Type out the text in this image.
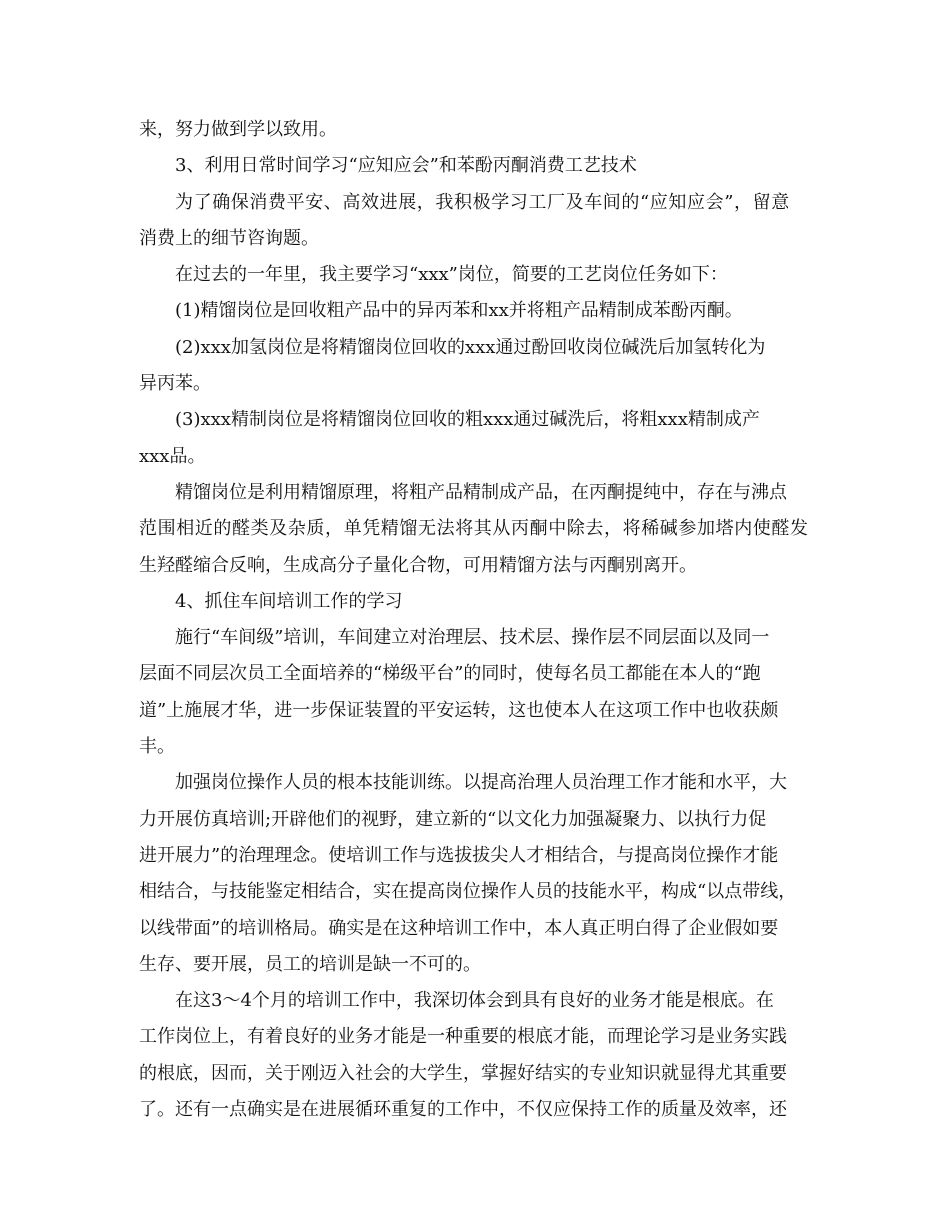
来，努力做到学以致用。
3、利用日常时间学习“应知应会”和苯酚丙酮消费工艺技术
为了确保消费平安、高效进展，我积极学习工厂及车间的“应知应会”，留意
消费上的细节咨询题。
在过去的一年里，我主要学习“xxx”岗位，简要的工艺岗位任务如下：
(1)精馏岗位是回收粗产品中的异丙苯和xx并将粗产品精制成苯酚丙酮。
(2)xxx加氢岗位是将精馏岗位回收的xxx通过酚回收岗位碱洗后加氢转化为
异丙苯。
(3)xxx精制岗位是将精馏岗位回收的粗xxx通过碱洗后，将粗xxx精制成产
xxx品。
精馏岗位是利用精馏原理，将粗产品精制成产品，在丙酮提纯中，存在与沸点
范围相近的醛类及杂质，单凭精馏无法将其从丙酮中除去，将稀碱参加塔内使醛发
生羟醛缩合反响，生成高分子量化合物，可用精馏方法与丙酮别离开。
4、抓住车间培训工作的学习
施行“车间级”培训，车间建立对治理层、技术层、操作层不同层面以及同一
层面不同层次员工全面培养的“梯级平台”的同时，使每名员工都能在本人的“跑
道”上施展才华，进一步保证装置的平安运转，这也使本人在这项工作中也收获颇
丰。
加强岗位操作人员的根本技能训练。以提高治理人员治理工作才能和水平，大
力开展仿真培训;开辟他们的视野，建立新的“以文化力加强凝聚力、以执行力促
进开展力”的治理理念。使培训工作与选拔拔尖人才相结合，与提高岗位操作才能
相结合，与技能鉴定相结合，实在提高岗位操作人员的技能水平，构成“以点带线，
以线带面”的培训格局。确实是在这种培训工作中，本人真正明白得了企业假如要
生存、要开展，员工的培训是缺一不可的。
在这3～4个月的培训工作中，我深切体会到具有良好的业务才能是根底。在
工作岗位上，有着良好的业务才能是一种重要的根底才能，而理论学习是业务实践
的根底，因而，关于刚迈入社会的大学生，掌握好结实的专业知识就显得尤其重要
了。还有一点确实是在进展循环重复的工作中，不仅应保持工作的质量及效率，还
